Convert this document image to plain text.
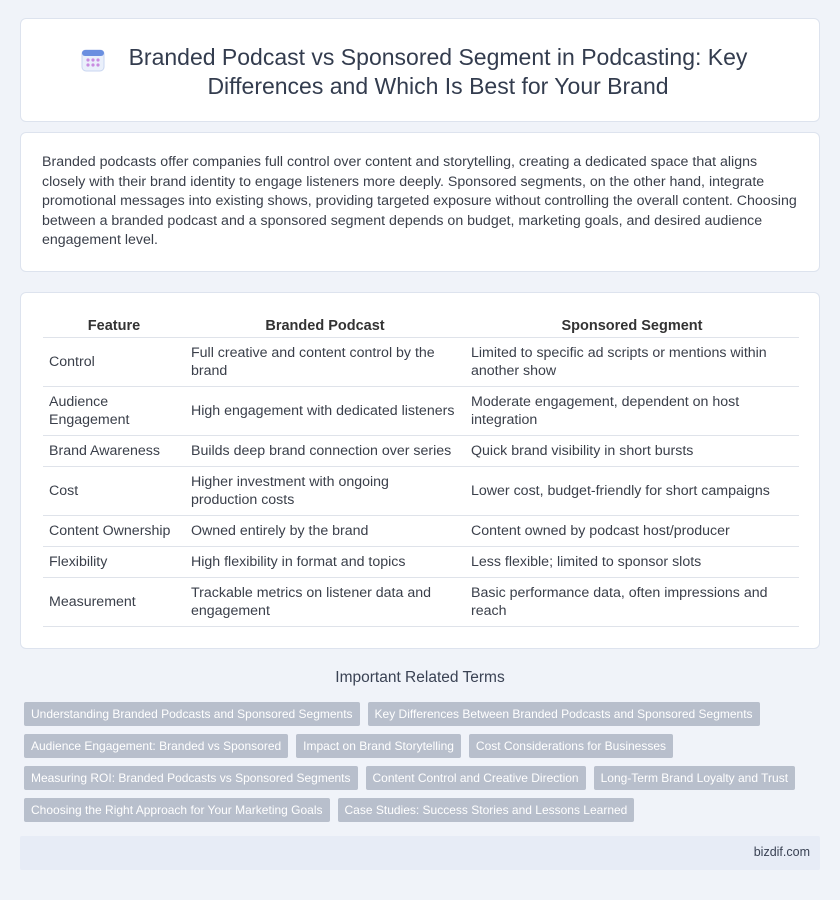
Branded Podcast vs Sponsored Segment in Podcasting: Key Differences and Which Is Best for Your Brand

Branded podcasts offer companies full control over content and storytelling, creating a dedicated space that aligns closely with their brand identity to engage listeners more deeply. Sponsored segments, on the other hand, integrate promotional messages into existing shows, providing targeted exposure without controlling the overall content. Choosing between a branded podcast and a sponsored segment depends on budget, marketing goals, and desired audience engagement level.

Feature	Branded Podcast	Sponsored Segment
Control	Full creative and content control by the brand	Limited to specific ad scripts or mentions within another show
Audience Engagement	High engagement with dedicated listeners	Moderate engagement, dependent on host integration
Brand Awareness	Builds deep brand connection over series	Quick brand visibility in short bursts
Cost	Higher investment with ongoing production costs	Lower cost, budget-friendly for short campaigns
Content Ownership	Owned entirely by the brand	Content owned by podcast host/producer
Flexibility	High flexibility in format and topics	Less flexible; limited to sponsor slots
Measurement	Trackable metrics on listener data and engagement	Basic performance data, often impressions and reach
Important Related Terms
Understanding Branded Podcasts and Sponsored Segments	Key Differences Between Branded Podcasts and Sponsored Segments
Audience Engagement: Branded vs Sponsored	Impact on Brand Storytelling	Cost Considerations for Businesses
Measuring ROI: Branded Podcasts vs Sponsored Segments	Content Control and Creative Direction	Long-Term Brand Loyalty and Trust
Choosing the Right Approach for Your Marketing Goals	Case Studies: Success Stories and Lessons Learned
bizdif.com
